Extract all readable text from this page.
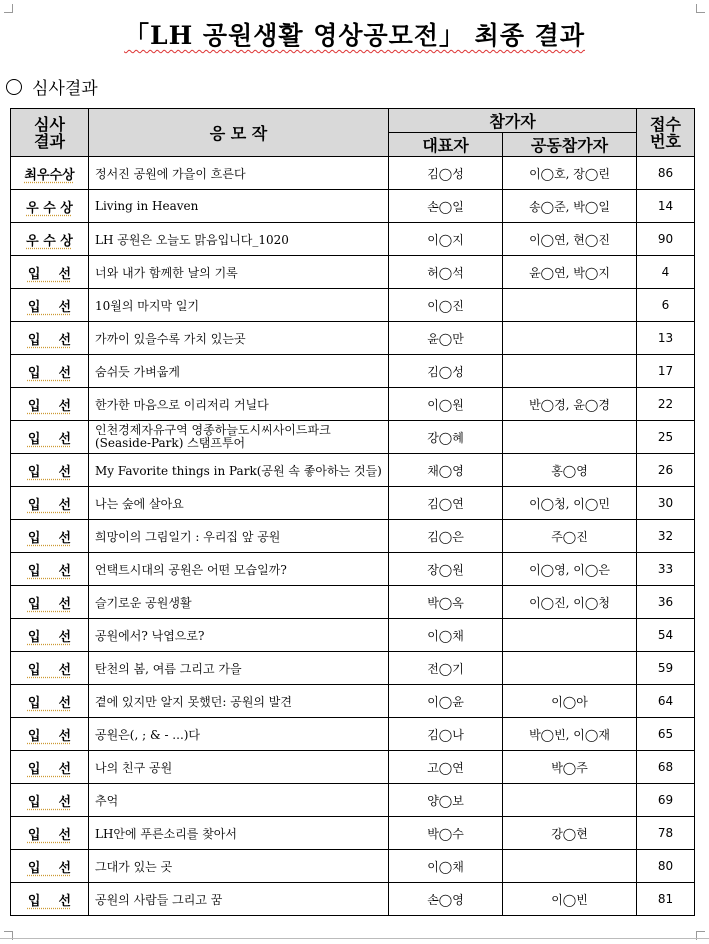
「LH 공원생활 영상공모전」 최종 결과
심사결과
심사
결과	응 모 작	참가자		접수
번호
		대표자	공동참가자	
최우수상	정서진 공원에 가을이 흐른다	김◯성	이◯호, 장◯린	86
우 수 상	Living in Heaven	손◯일	송◯준, 박◯일	14
우 수 상	LH 공원은 오늘도 맑음입니다_1020	이◯지	이◯연, 현◯진	90
입    선	너와 내가 함께한 날의 기록	허◯석	윤◯연, 박◯지	4
입    선	10월의 마지막 일기	이◯진		6
입    선	가까이 있을수록 가치 있는곳	윤◯만		13
입    선	숨쉬듯 가벼웁게	김◯성		17
입    선	한가한 마음으로 이리저리 거닐다	이◯원	반◯경, 윤◯경	22
입    선	인천경제자유구역 영종하늘도시씨사이드파크
(Seaside-Park) 스탬프투어	강◯혜		25
입    선	My Favorite things in Park(공원 속 좋아하는 것들)	채◯영	홍◯영	26
입    선	나는 숲에 살아요	김◯연	이◯청, 이◯민	30
입    선	희망이의 그림일기 : 우리집 앞 공원	김◯은	주◯진	32
입    선	언택트시대의 공원은 어떤 모습일까?	장◯원	이◯영, 이◯은	33
입    선	슬기로운 공원생활	박◯옥	이◯진, 이◯청	36
입    선	공원에서? 낙엽으로?	이◯채		54
입    선	탄천의 봄, 여름 그리고 가을	전◯기		59
입    선	곁에 있지만 알지 못했던: 공원의 발견	이◯윤	이◯아	64
입    선	공원은(, ; & - ...)다	김◯나	박◯빈, 이◯재	65
입    선	나의 친구 공원	고◯연	박◯주	68
입    선	추억	양◯보		69
입    선	LH안에 푸른소리를 찾아서	박◯수	강◯현	78
입    선	그대가 있는 곳	이◯채		80
입    선	공원의 사람들 그리고 꿈	손◯영	이◯빈	81
